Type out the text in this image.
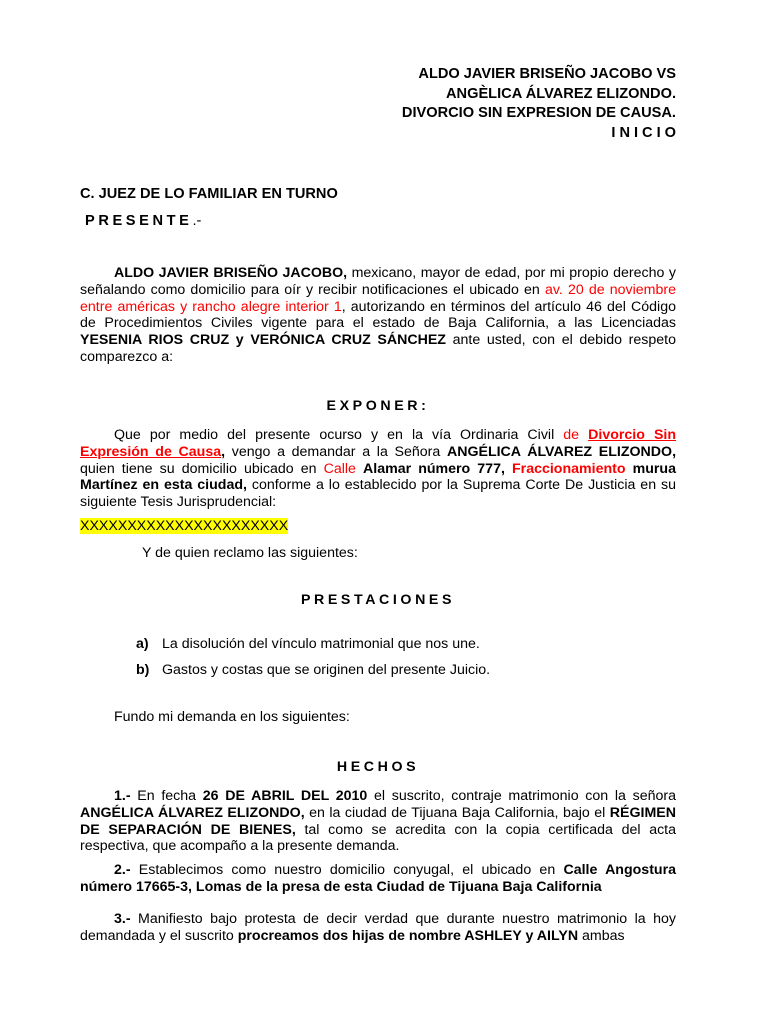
ALDO JAVIER BRISEÑO JACOBO VS
ANGÈLICA ÁLVAREZ ELIZONDO.
DIVORCIO SIN EXPRESION DE CAUSA.
INICIO
C. JUEZ DE LO FAMILIAR EN TURNO
PRESENTE.-
ALDO JAVIER BRISEÑO JACOBO, mexicano, mayor de edad, por mi propio derecho y señalando como domicilio para oír y recibir notificaciones el ubicado en av. 20 de noviembre entre américas y rancho alegre interior 1, autorizando en términos del artículo 46 del Código de Procedimientos Civiles vigente para el estado de Baja California, a las Licenciadas YESENIA RIOS CRUZ y VERÓNICA CRUZ SÁNCHEZ ante usted, con el debido respeto comparezco a:
EXPONER:
Que por medio del presente ocurso y en la vía Ordinaria Civil de Divorcio Sin Expresión de Causa, vengo a demandar a la Señora ANGÉLICA ÁLVAREZ ELIZONDO, quien tiene su domicilio ubicado en Calle Alamar número 777, Fraccionamiento murua Martínez en esta ciudad, conforme a lo establecido por la Suprema Corte De Justicia en su siguiente Tesis Jurisprudencial:
XXXXXXXXXXXXXXXXXXXXXX
Y de quien reclamo las siguientes:
PRESTACIONES
a) La disolución del vínculo matrimonial que nos une.
b) Gastos y costas que se originen del presente Juicio.
Fundo mi demanda en los siguientes:
HECHOS
1.- En fecha 26 DE ABRIL DEL 2010 el suscrito, contraje matrimonio con la señora ANGÉLICA ÁLVAREZ ELIZONDO, en la ciudad de Tijuana Baja California, bajo el RÉGIMEN DE SEPARACIÓN DE BIENES, tal como se acredita con la copia certificada del acta respectiva, que acompaño a la presente demanda.
2.- Establecimos como nuestro domicilio conyugal, el ubicado en Calle Angostura número 17665-3, Lomas de la presa de esta Ciudad de Tijuana Baja California
3.- Manifiesto bajo protesta de decir verdad que durante nuestro matrimonio la hoy demandada y el suscrito procreamos dos hijas de nombre ASHLEY y AILYN ambas
